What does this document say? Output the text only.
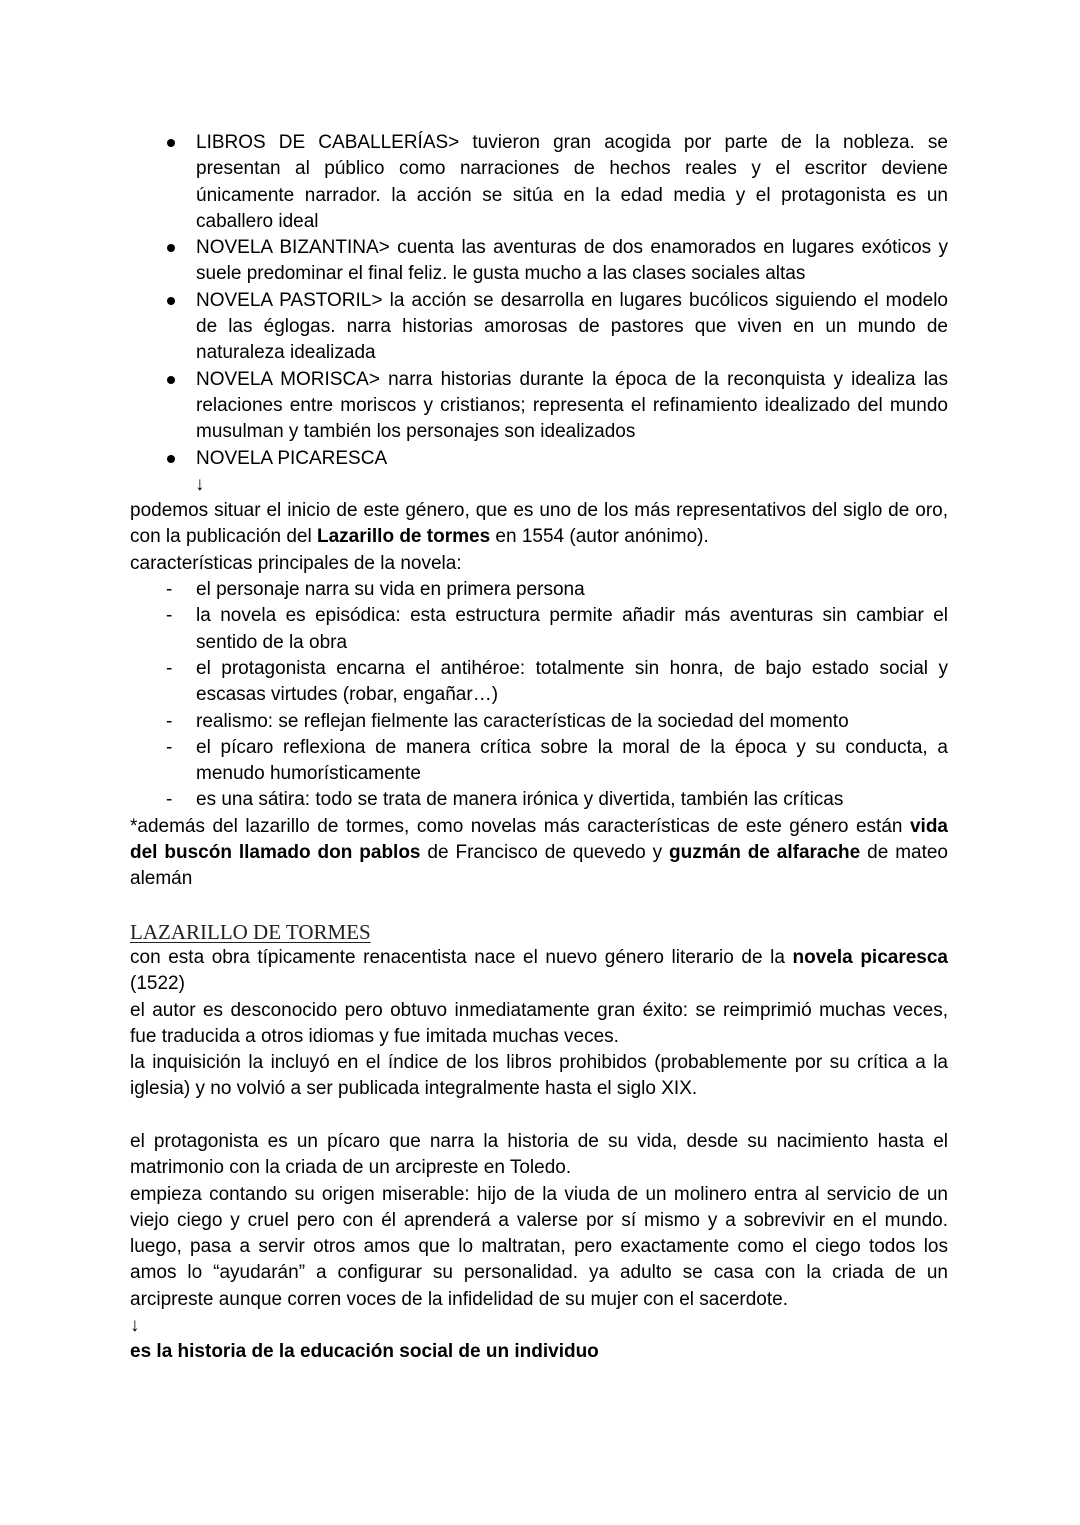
LIBROS DE CABALLERÍAS> tuvieron gran acogida por parte de la nobleza. se presentan al público como narraciones de hechos reales y el escritor deviene únicamente narrador. la acción se sitúa en la edad media y el protagonista es un caballero ideal
NOVELA BIZANTINA> cuenta las aventuras de dos enamorados en lugares exóticos y suele predominar el final feliz. le gusta mucho a las clases sociales altas
NOVELA PASTORIL> la acción se desarrolla en lugares bucólicos siguiendo el modelo de las églogas. narra historias amorosas de pastores que viven en un mundo de naturaleza idealizada
NOVELA MORISCA> narra historias durante la época de la reconquista y idealiza las relaciones entre moriscos y cristianos; representa el refinamiento idealizado del mundo musulman y también los personajes son idealizados
NOVELA PICARESCA
↓

podemos situar el inicio de este género, que es uno de los más representativos del siglo de oro, con la publicación del Lazarillo de tormes en 1554 (autor anónimo).

características principales de la novela:

- el personaje narra su vida en primera persona
- la novela es episódica: esta estructura permite añadir más aventuras sin cambiar el sentido de la obra
- el protagonista encarna el antihéroe: totalmente sin honra, de bajo estado social y escasas virtudes (robar, engañar…)
- realismo: se reflejan fielmente las características de la sociedad del momento
- el pícaro reflexiona de manera crítica sobre la moral de la época y su conducta, a menudo humorísticamente
- es una sátira: todo se trata de manera irónica y divertida, también las críticas

*además del lazarillo de tormes, como novelas más características de este género están vida del buscón llamado don pablos de Francisco de quevedo y guzmán de alfarache de mateo alemán

LAZARILLO DE TORMES

con esta obra típicamente renacentista nace el nuevo género literario de la novela picaresca (1522)

el autor es desconocido pero obtuvo inmediatamente gran éxito: se reimprimió muchas veces, fue traducida a otros idiomas y fue imitada muchas veces.

la inquisición la incluyó en el índice de los libros prohibidos (probablemente por su crítica a la iglesia) y no volvió a ser publicada integralmente hasta el siglo XIX.

el protagonista es un pícaro que narra la historia de su vida, desde su nacimiento hasta el matrimonio con la criada de un arcipreste en Toledo.

empieza contando su origen miserable: hijo de la viuda de un molinero entra al servicio de un viejo ciego y cruel pero con él aprenderá a valerse por sí mismo y a sobrevivir en el mundo. luego, pasa a servir otros amos que lo maltratan, pero exactamente como el ciego todos los amos lo “ayudarán” a configurar su personalidad. ya adulto se casa con la criada de un arcipreste aunque corren voces de la infidelidad de su mujer con el sacerdote.

↓

es la historia de la educación social de un individuo
